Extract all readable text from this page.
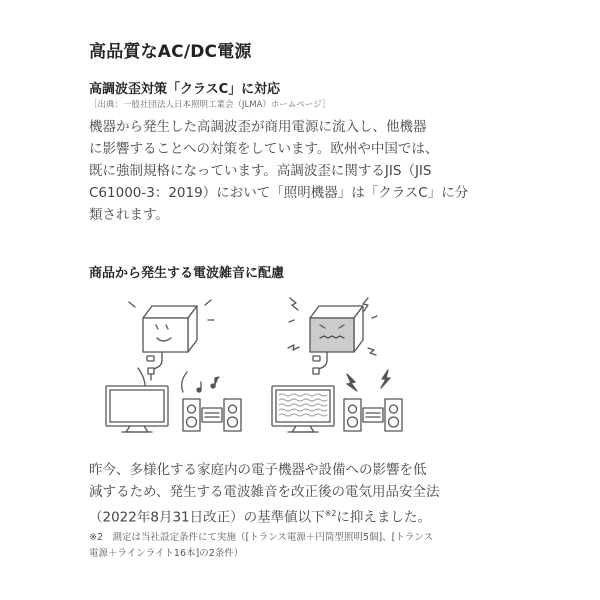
高品質なAC/DC電源
高調波歪対策「クラスC」に対応
［出典：一般社団法人日本照明工業会（JLMA）ホームページ］
機器から発生した高調波歪が商用電源に流入し、他機器
に影響することへの対策をしています。欧州や中国では、
既に強制規格になっています。高調波歪に関するJIS（JIS
C61000-3：2019）において「照明機器」は「クラスC」に分
類されます。
商品から発生する電波雑音に配慮
昨今、多様化する家庭内の電子機器や設備への影響を低
減するため、発生する電波雑音を改正後の電気用品安全法
（2022年8月31日改正）の基準値以下$^{※2}$に抑えました。
※2　測定は当社設定条件にて実施（[トランス電源＋円筒型照明5個]、[トランス
電源＋ラインライト16本]の2条件）
